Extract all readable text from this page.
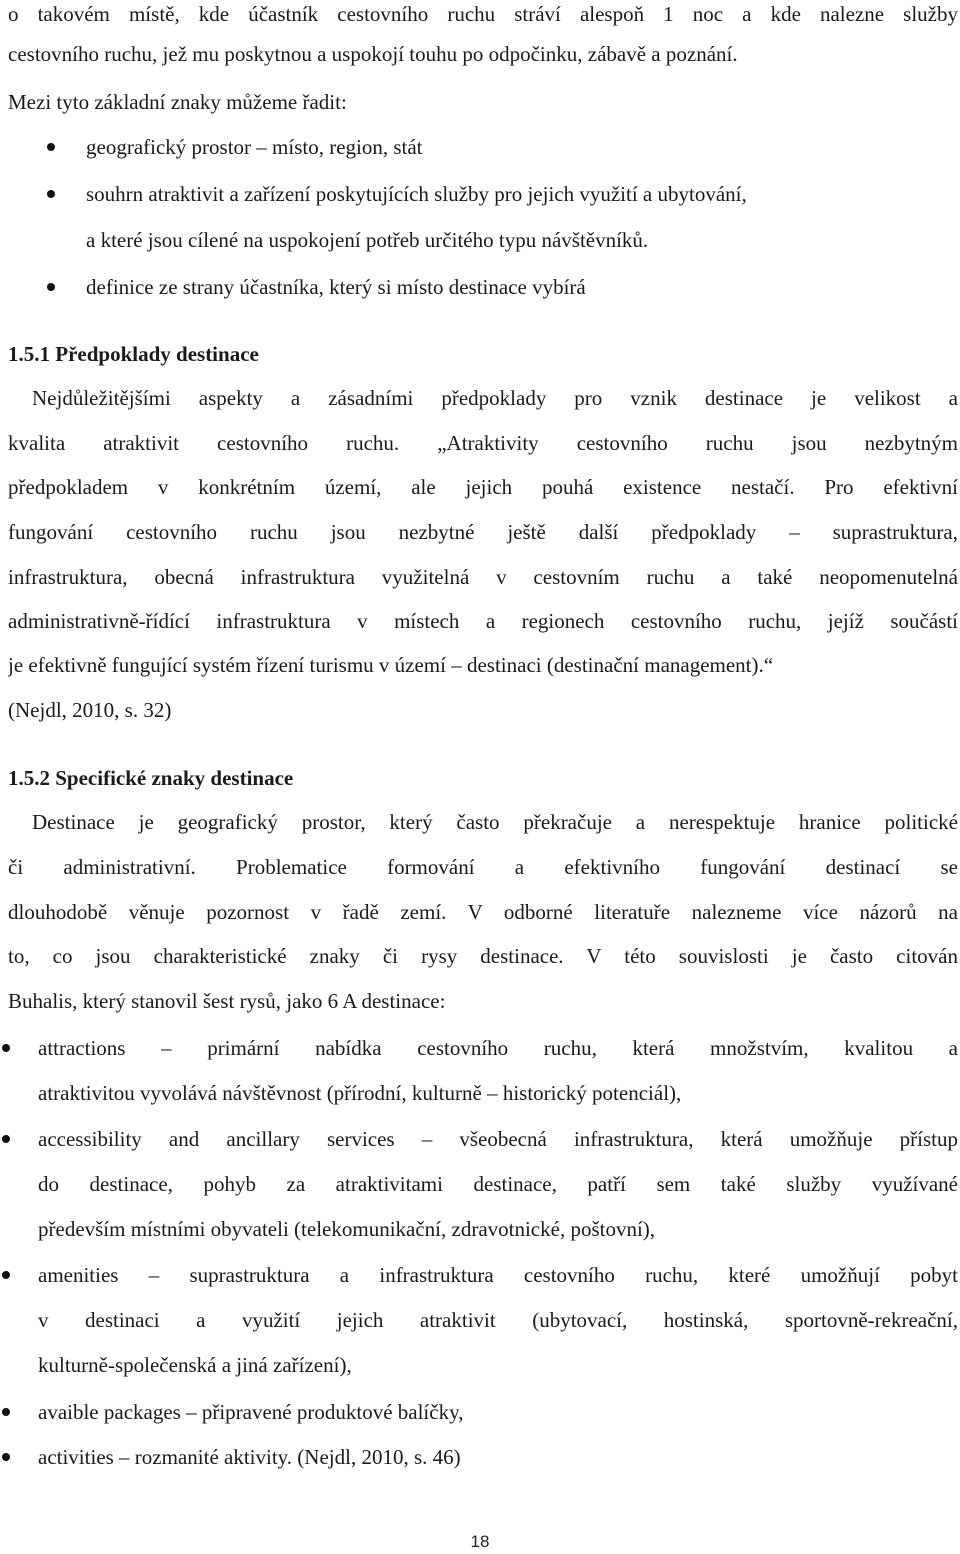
o takovém místě, kde účastník cestovního ruchu stráví alespoň 1 noc a kde nalezne služby
cestovního ruchu, jež mu poskytnou a uspokojí touhu po odpočinku, zábavě a poznání.
Mezi tyto základní znaky můžeme řadit:
geografický prostor – místo, region, stát
souhrn atraktivit a zařízení poskytujících služby pro jejich využití a ubytování,
a které jsou cílené na uspokojení potřeb určitého typu návštěvníků.
definice ze strany účastníka, který si místo destinace vybírá
1.5.1 Předpoklady destinace
Nejdůležitějšími aspekty a zásadními předpoklady pro vznik destinace je velikost a
kvalita atraktivit cestovního ruchu. „Atraktivity cestovního ruchu jsou nezbytným
předpokladem v konkrétním území, ale jejich pouhá existence nestačí. Pro efektivní
fungování cestovního ruchu jsou nezbytné ještě další předpoklady – suprastruktura,
infrastruktura, obecná infrastruktura využitelná v cestovním ruchu a také neopomenutelná
administrativně-řídící infrastruktura v místech a regionech cestovního ruchu, jejíž součástí
je efektivně fungující systém řízení turismu v území – destinaci (destinační management).“
(Nejdl, 2010, s. 32)
1.5.2 Specifické znaky destinace
Destinace je geografický prostor, který často překračuje a nerespektuje hranice politické
či administrativní. Problematice formování a efektivního fungování destinací se
dlouhodobě věnuje pozornost v řadě zemí. V odborné literatuře nalezneme více názorů na
to, co jsou charakteristické znaky či rysy destinace. V této souvislosti je často citován
Buhalis, který stanovil šest rysů, jako 6 A destinace:
attractions – primární nabídka cestovního ruchu, která množstvím, kvalitou a
atraktivitou vyvolává návštěvnost (přírodní, kulturně – historický potenciál),
accessibility and ancillary services – všeobecná infrastruktura, která umožňuje přístup
do destinace, pohyb za atraktivitami destinace, patří sem také služby využívané
především místními obyvateli (telekomunikační, zdravotnické, poštovní),
amenities – suprastruktura a infrastruktura cestovního ruchu, které umožňují pobyt
v destinaci a využití jejich atraktivit (ubytovací, hostinská, sportovně-rekreační,
kulturně-společenská a jiná zařízení),
avaible packages – připravené produktové balíčky,
activities – rozmanité aktivity. (Nejdl, 2010, s. 46)
18
